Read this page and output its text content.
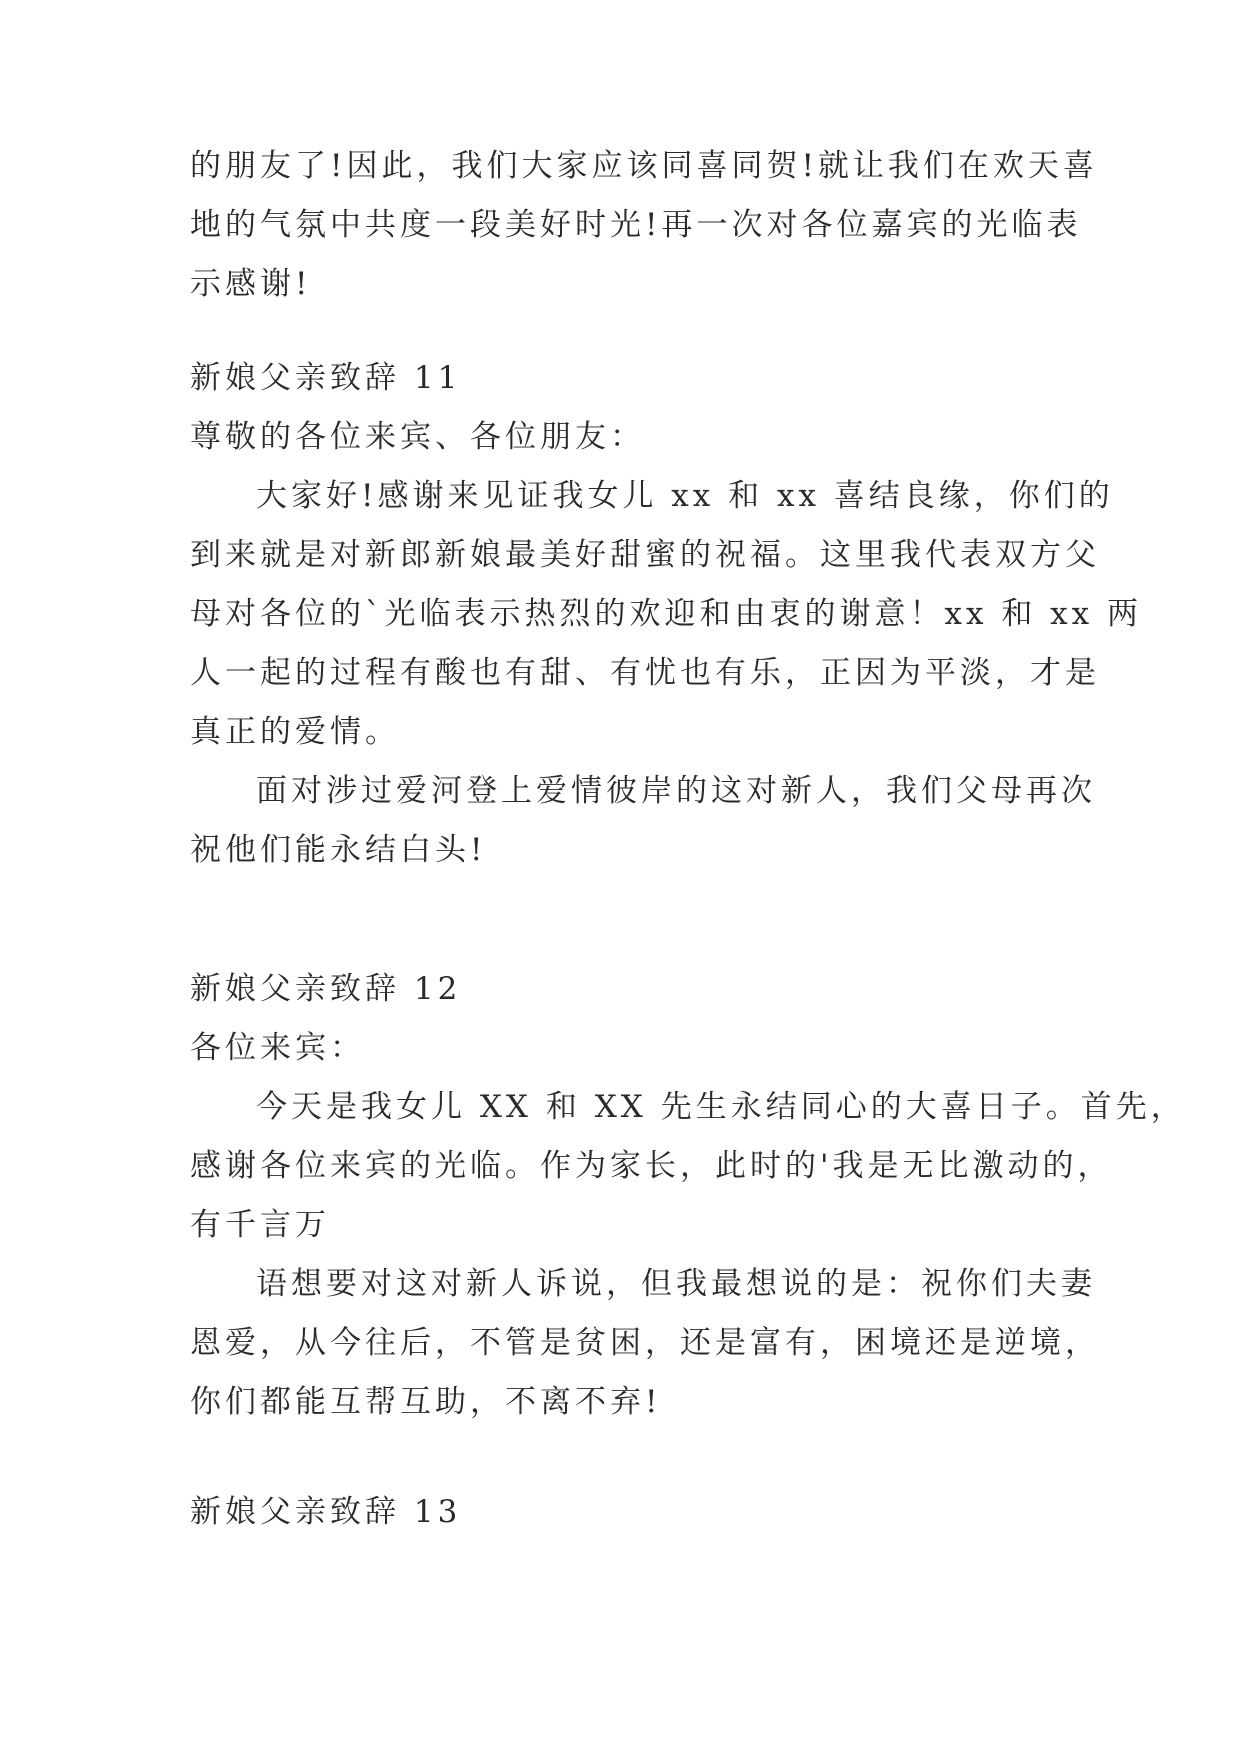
的朋友了!因此，我们大家应该同喜同贺!就让我们在欢天喜
地的气氛中共度一段美好时光!再一次对各位嘉宾的光临表
示感谢!
新娘父亲致辞 11
尊敬的各位来宾、各位朋友：
大家好!感谢来见证我女儿 xx 和 xx 喜结良缘，你们的
到来就是对新郎新娘最美好甜蜜的祝福。这里我代表双方父
母对各位的`光临表示热烈的欢迎和由衷的谢意！xx 和 xx 两
人一起的过程有酸也有甜、有忧也有乐，正因为平淡，才是
真正的爱情。
面对涉过爱河登上爱情彼岸的这对新人，我们父母再次
祝他们能永结白头!
新娘父亲致辞 12
各位来宾：
今天是我女儿 XX 和 XX 先生永结同心的大喜日子。首先，
感谢各位来宾的光临。作为家长，此时的'我是无比激动的，
有千言万
语想要对这对新人诉说，但我最想说的是：祝你们夫妻
恩爱，从今往后，不管是贫困，还是富有，困境还是逆境，
你们都能互帮互助，不离不弃!
新娘父亲致辞 13
